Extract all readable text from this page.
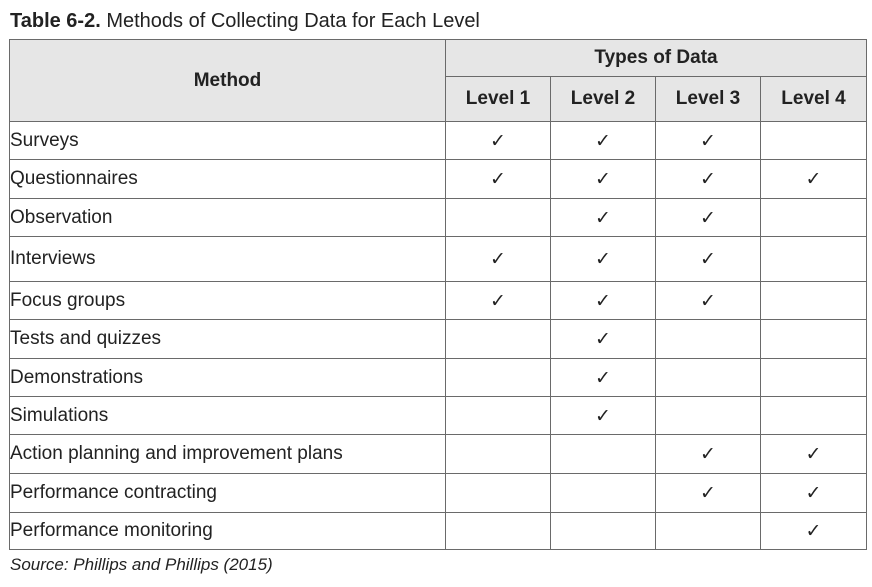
Table 6-2. Methods of Collecting Data for Each Level
Method	Types of Data			
	Level 1	Level 2	Level 3	Level 4
Surveys	✓	✓	✓	
Questionnaires	✓	✓	✓	✓
Observation		✓	✓	
Interviews	✓	✓	✓	
Focus groups	✓	✓	✓	
Tests and quizzes		✓		
Demonstrations		✓		
Simulations		✓		
Action planning and improvement plans			✓	✓
Performance contracting			✓	✓
Performance monitoring				✓
Source: Phillips and Phillips (2015)
